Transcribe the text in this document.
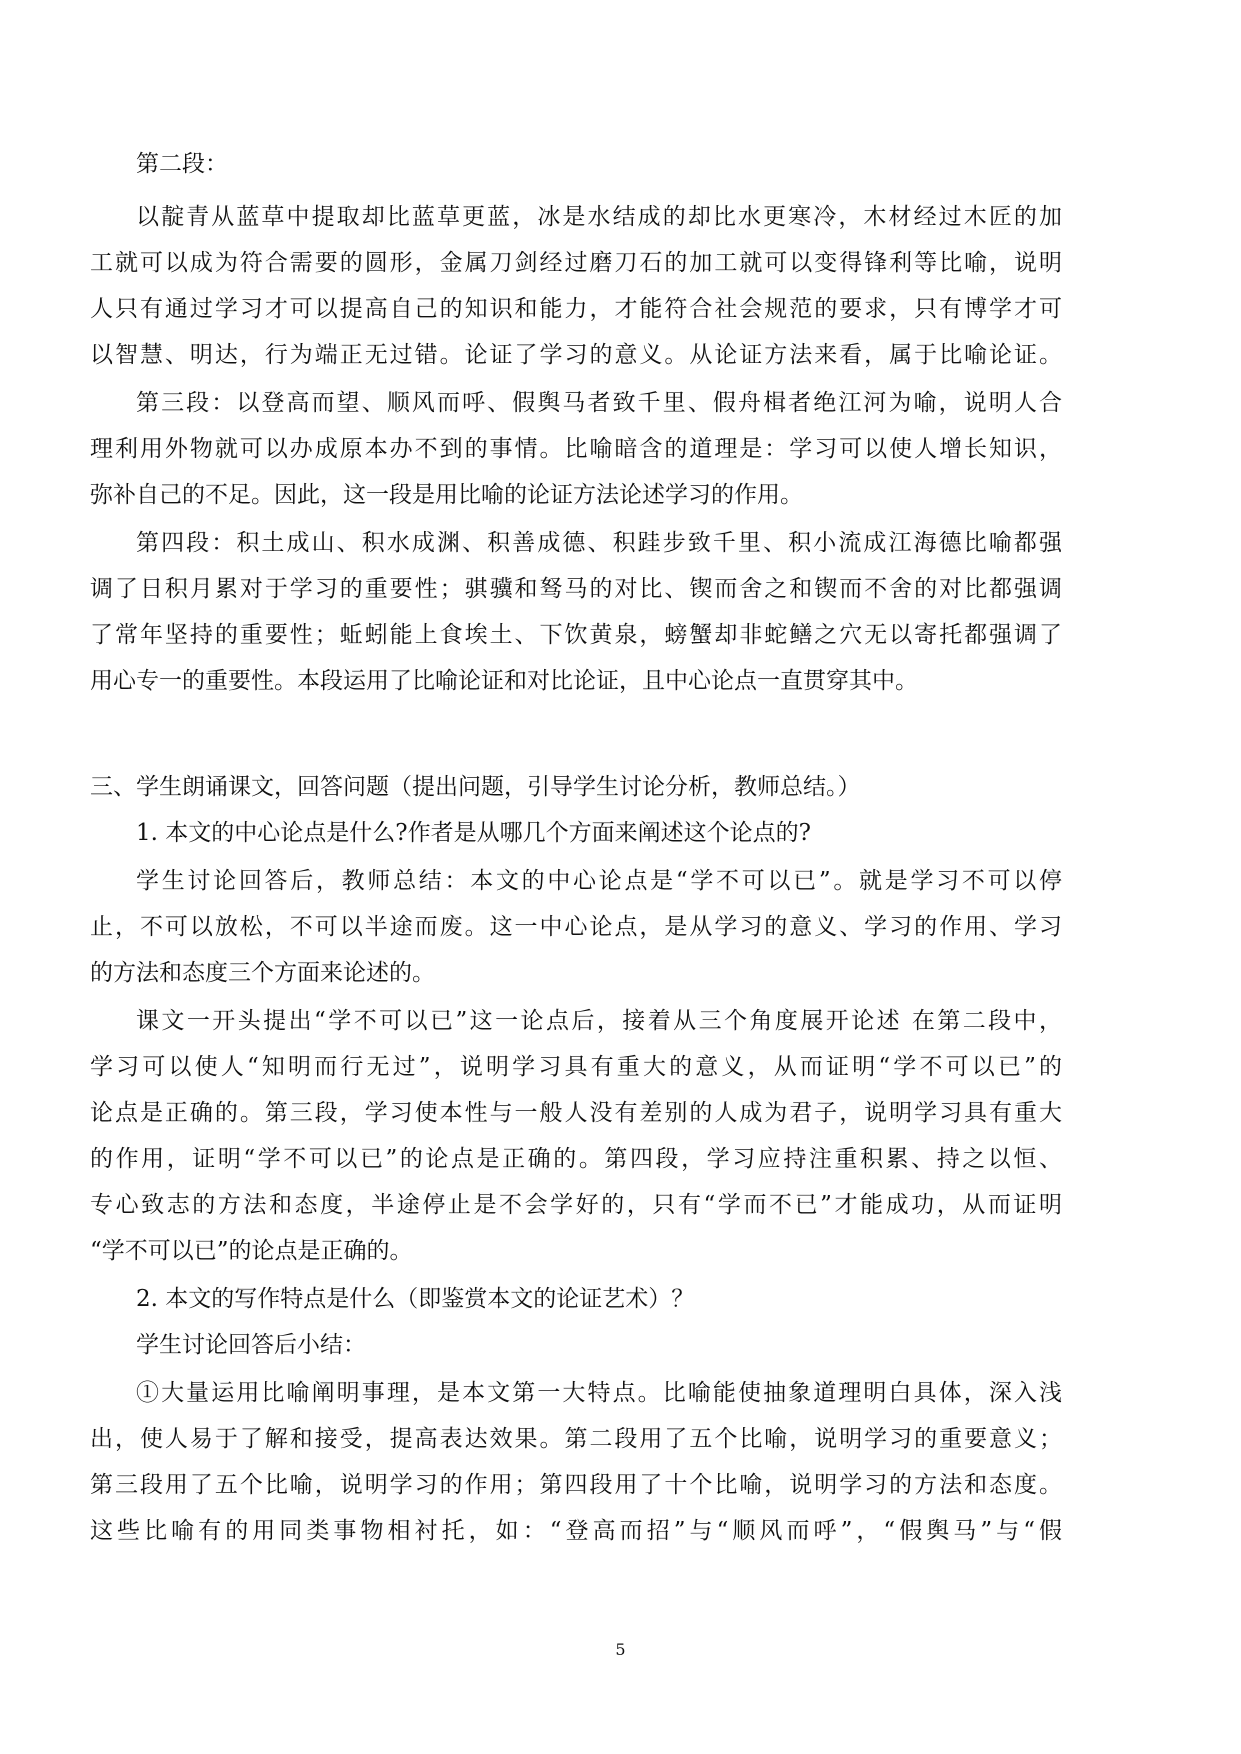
第二段：
以靛青从蓝草中提取却比蓝草更蓝，冰是水结成的却比水更寒冷，木材经过木匠的加
工就可以成为符合需要的圆形，金属刀剑经过磨刀石的加工就可以变得锋利等比喻，说明
人只有通过学习才可以提高自己的知识和能力，才能符合社会规范的要求，只有博学才可
以智慧、明达，行为端正无过错。论证了学习的意义。从论证方法来看，属于比喻论证。
第三段：以登高而望、顺风而呼、假舆马者致千里、假舟楫者绝江河为喻，说明人合
理利用外物就可以办成原本办不到的事情。比喻暗含的道理是：学习可以使人增长知识，
弥补自己的不足。因此，这一段是用比喻的论证方法论述学习的作用。
第四段：积土成山、积水成渊、积善成德、积跬步致千里、积小流成江海德比喻都强
调了日积月累对于学习的重要性；骐骥和驽马的对比、锲而舍之和锲而不舍的对比都强调
了常年坚持的重要性；蚯蚓能上食埃土、下饮黄泉，螃蟹却非蛇鳝之穴无以寄托都强调了
用心专一的重要性。本段运用了比喻论证和对比论证，且中心论点一直贯穿其中。
三、学生朗诵课文，回答问题（提出问题，引导学生讨论分析，教师总结。）
1. 本文的中心论点是什么?作者是从哪几个方面来阐述这个论点的?
学生讨论回答后，教师总结：本文的中心论点是“学不可以已”。就是学习不可以停
止，不可以放松，不可以半途而废。这一中心论点，是从学习的意义、学习的作用、学习
的方法和态度三个方面来论述的。
课文一开头提出“学不可以已”这一论点后，接着从三个角度展开论述 在第二段中，
学习可以使人“知明而行无过”，说明学习具有重大的意义，从而证明“学不可以已”的
论点是正确的。第三段，学习使本性与一般人没有差别的人成为君子，说明学习具有重大
的作用，证明“学不可以已”的论点是正确的。第四段，学习应持注重积累、持之以恒、
专心致志的方法和态度，半途停止是不会学好的，只有“学而不已”才能成功，从而证明
“学不可以已”的论点是正确的。
2. 本文的写作特点是什么（即鉴赏本文的论证艺术）？
学生讨论回答后小结：
①大量运用比喻阐明事理，是本文第一大特点。比喻能使抽象道理明白具体，深入浅
出，使人易于了解和接受，提高表达效果。第二段用了五个比喻，说明学习的重要意义；
第三段用了五个比喻，说明学习的作用；第四段用了十个比喻，说明学习的方法和态度。
这些比喻有的用同类事物相衬托，如：“登高而招”与“顺风而呼”，“假舆马”与“假
5
